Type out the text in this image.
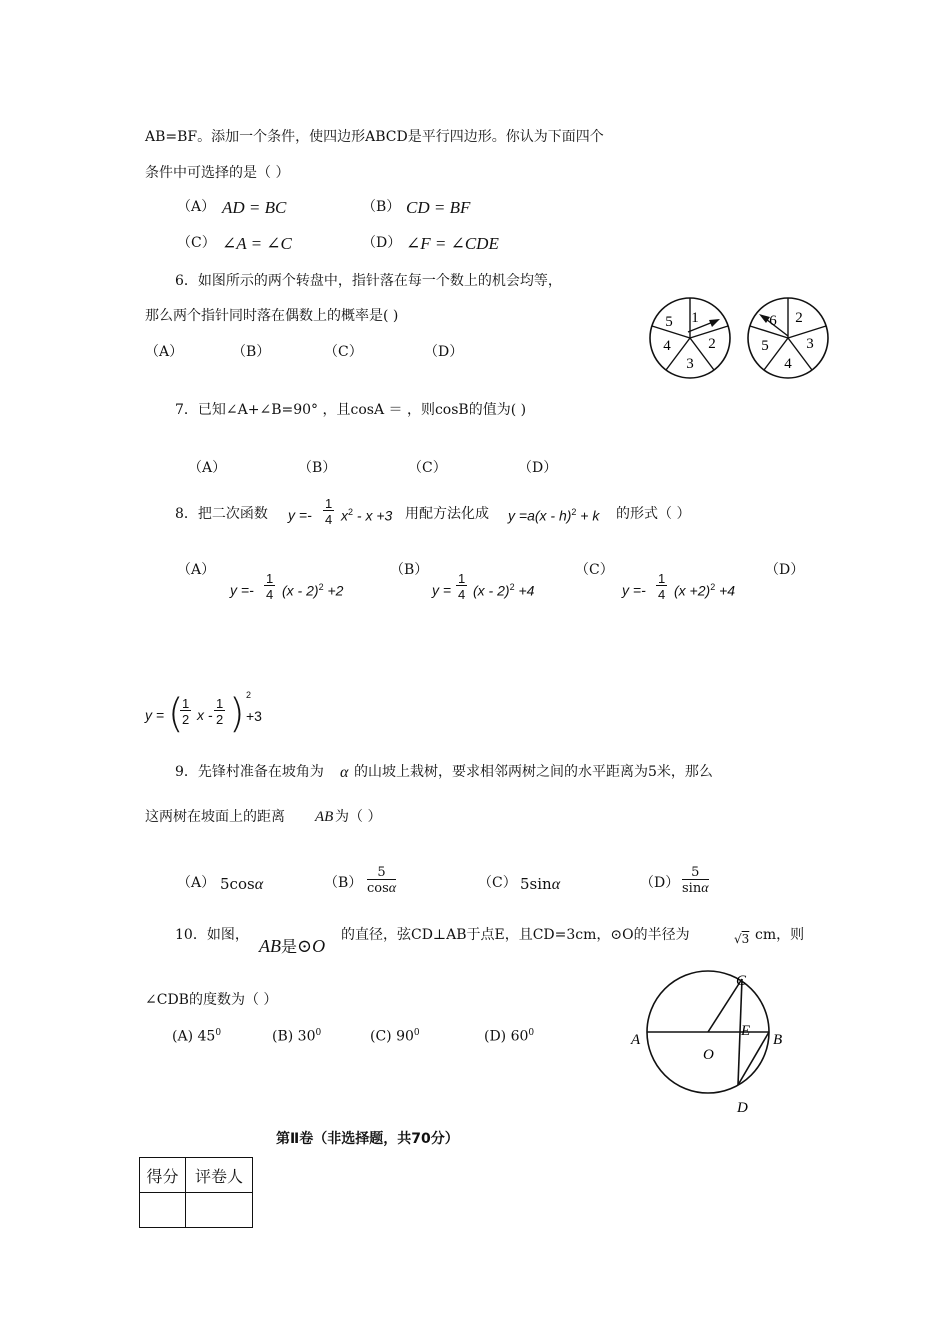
AB=BF。添加一个条件，使四边形ABCD是平行四边形。你认为下面四个
条件中可选择的是（ ）
（A） AD = BC	（B） CD = BF
（C） ∠A = ∠C	（D） ∠F = ∠CDE
6．如图所示的两个转盘中，指针落在每一个数上的机会均等，
那么两个指针同时落在偶数上的概率是( )
（A）	（B）	（C）	（D）
1
2
3
4
5	2
3
4
5
6
7．已知∠A+∠B=90° ，且cosA ＝ ，则cosB的值为( )
（A）	（B）	（C）	（D）
8．把二次函数 $y =- \frac{1}{4} x^2 - x +3$ 用配方法化成 y =a(x - h)$^2$ + k 的形式（ ）
（A）
$y =- \frac{1}{4} (x - 2)^2 +2$
（B）
$y = \frac{1}{4} (x - 2)^2 +4$
（C）
$y =- \frac{1}{4} (x +2)^2 +4$
（D）
y = (
$\frac{1}{2}$ x - $\frac{1}{2}$ ) 2
+3
9．先锋村准备在坡角为 α 的山坡上栽树，要求相邻两树之间的水平距离为5米，那么
这两树在坡面上的距离 AB 为（ ）
（A） 5cosα	$(B) \frac{5}{\cos\alpha}$	（C） 5sinα	$(D) \frac{5}{\sin\alpha}$
10．如图，
AB是⊙O
的直径，弦CD⊥AB于点E，且CD=3cm，⊙O的半径为	√3 cm，则
∠CDB的度数为（ ）
(A) $45^0$	(B) $30^0$	(C) $90^0$	(D) $60^0$
C
A
E
B
O
D
第Ⅱ卷（非选择题，共70分）
得分	评卷人
